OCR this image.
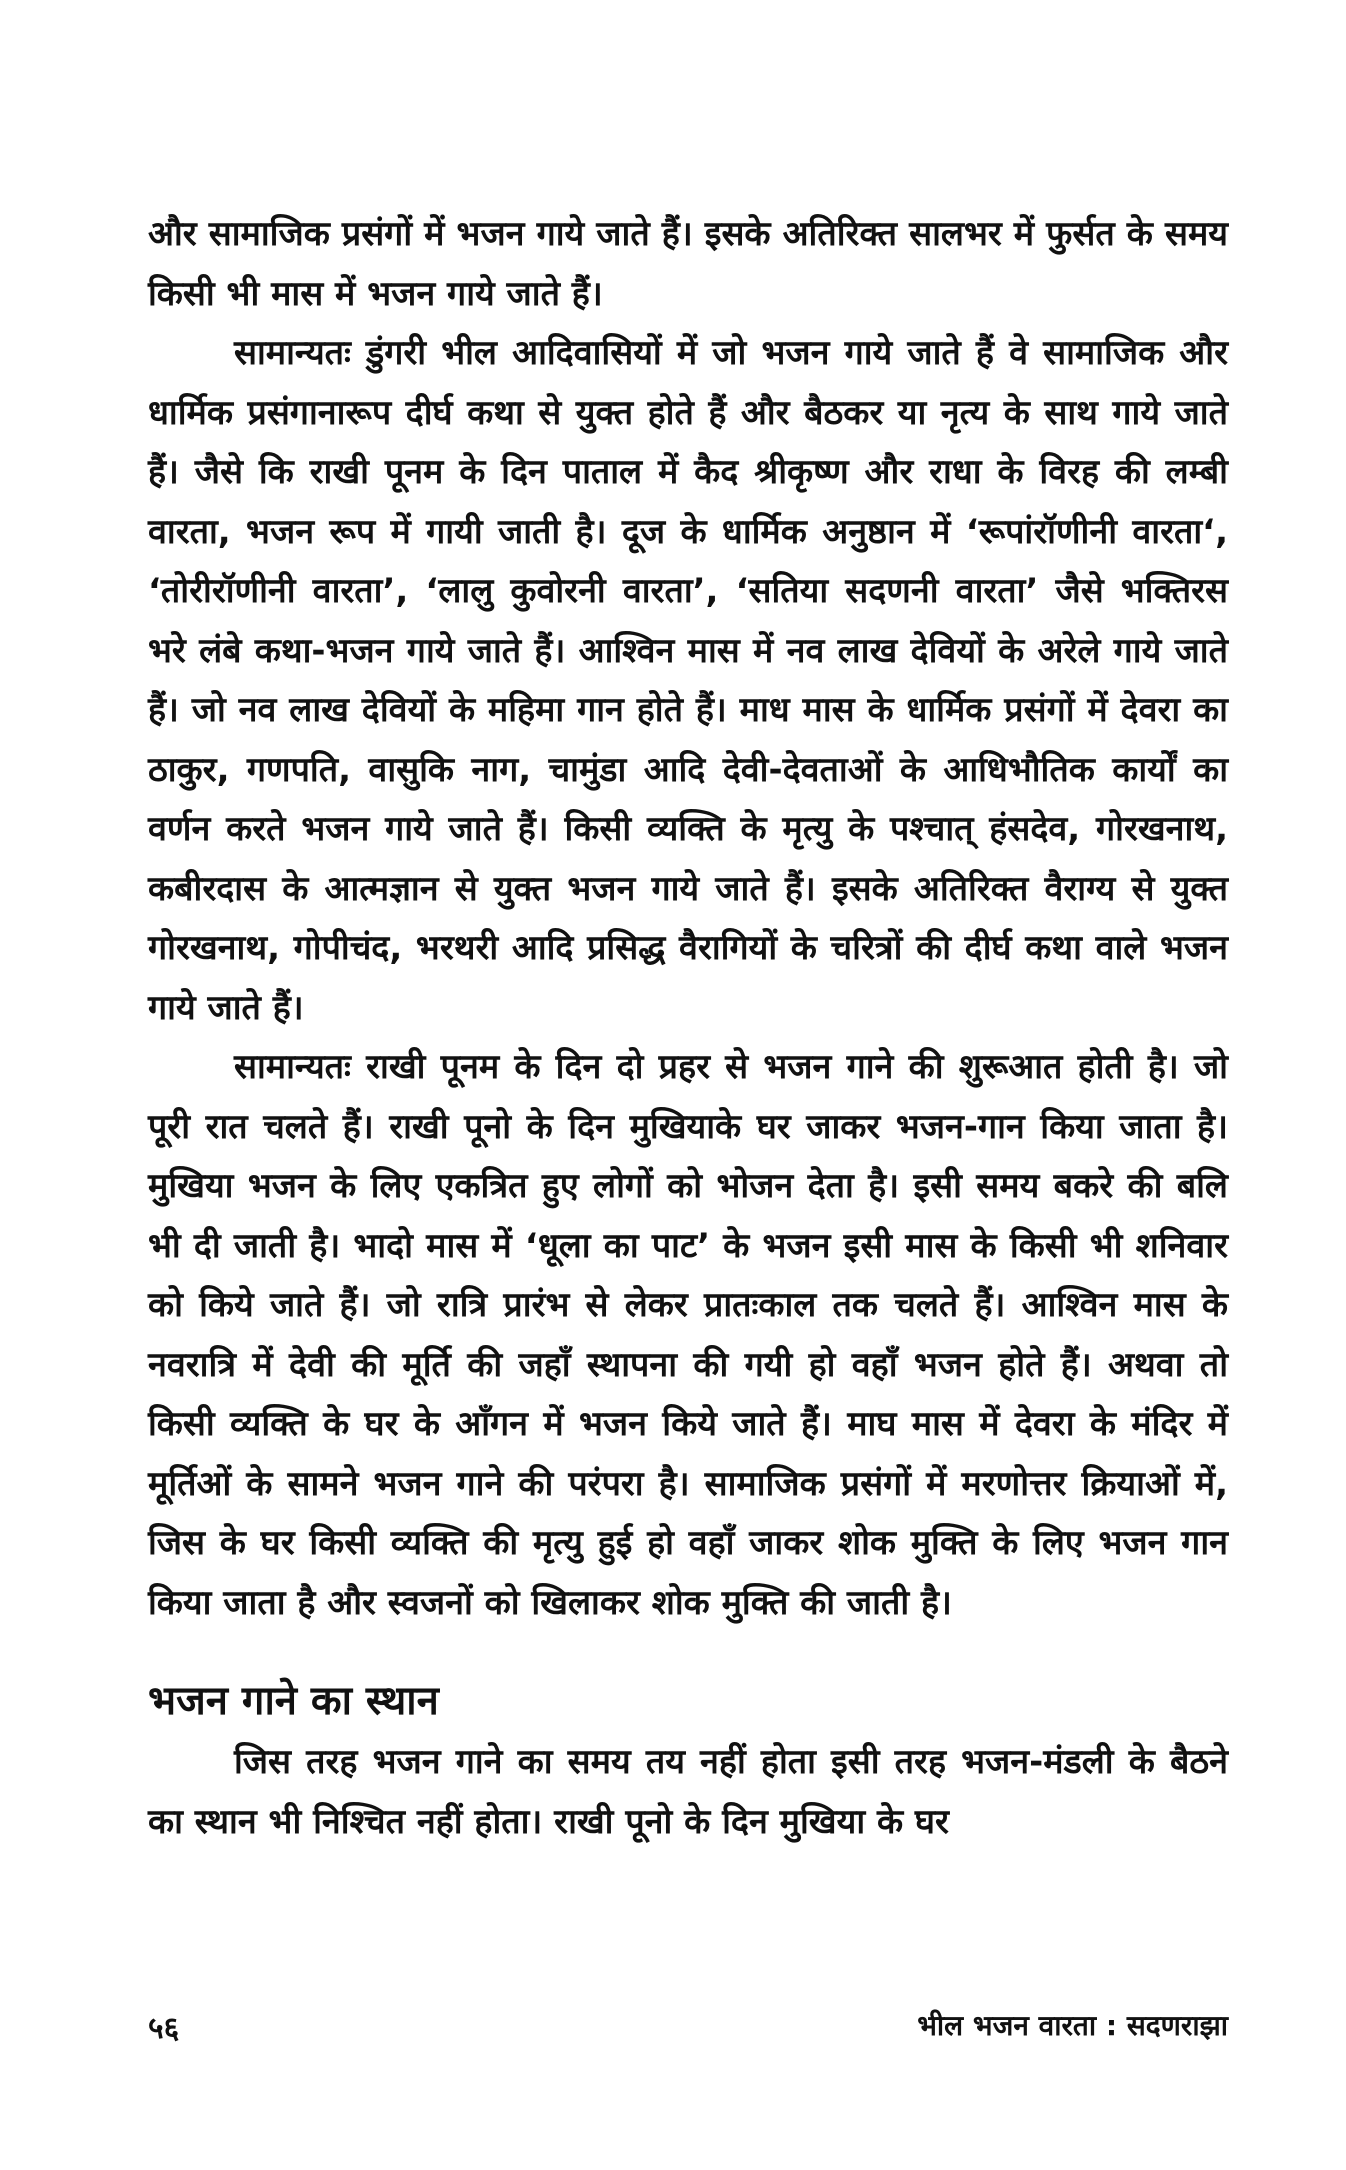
और सामाजिक प्रसंगों में भजन गाये जाते हैं। इसके अतिरिक्त सालभर में फुर्सत के समय किसी भी मास में भजन गाये जाते हैं।

सामान्यतः डुंगरी भील आदिवासियों में जो भजन गाये जाते हैं वे सामाजिक और धार्मिक प्रसंगानारूप दीर्घ कथा से युक्त होते हैं और बैठकर या नृत्य के साथ गाये जाते हैं। जैसे कि राखी पूनम के दिन पाताल में कैद श्रीकृष्ण और राधा के विरह की लम्बी वारता, भजन रूप में गायी जाती है। दूज के धार्मिक अनुष्ठान में ‘रूपांरॉणीनी वारता‘, ‘तोरीरॉणीनी वारता’, ‘लालु कुवोरनी वारता’, ‘सतिया सदणनी वारता’ जैसे भक्तिरस भरे लंबे कथा-भजन गाये जाते हैं। आश्विन मास में नव लाख देवियों के अरेले गाये जाते हैं। जो नव लाख देवियों के महिमा गान होते हैं। माध मास के धार्मिक प्रसंगों में देवरा का ठाकुर, गणपति, वासुकि नाग, चामुंडा आदि देवी-देवताओं के आधिभौतिक कार्यों का वर्णन करते भजन गाये जाते हैं। किसी व्यक्ति के मृत्यु के पश्चात् हंसदेव, गोरखनाथ, कबीरदास के आत्मज्ञान से युक्त भजन गाये जाते हैं। इसके अतिरिक्त वैराग्य से युक्त गोरखनाथ, गोपीचंद, भरथरी आदि प्रसिद्ध वैरागियों के चरित्रों की दीर्घ कथा वाले भजन गाये जाते हैं।

सामान्यतः राखी पूनम के दिन दो प्रहर से भजन गाने की शुरूआत होती है। जो पूरी रात चलते हैं। राखी पूनो के दिन मुखियाके घर जाकर भजन-गान किया जाता है। मुखिया भजन के लिए एकत्रित हुए लोगों को भोजन देता है। इसी समय बकरे की बलि भी दी जाती है। भादो मास में ‘धूला का पाट’ के भजन इसी मास के किसी भी शनिवार को किये जाते हैं। जो रात्रि प्रारंभ से लेकर प्रातःकाल तक चलते हैं। आश्विन मास के नवरात्रि में देवी की मूर्ति की जहाँ स्थापना की गयी हो वहाँ भजन होते हैं। अथवा तो किसी व्यक्ति के घर के आँगन में भजन किये जाते हैं। माघ मास में देवरा के मंदिर में मूर्तिओं के सामने भजन गाने की परंपरा है। सामाजिक प्रसंगों में मरणोत्तर क्रियाओं में, जिस के घर किसी व्यक्ति की मृत्यु हुई हो वहाँ जाकर शोक मुक्ति के लिए भजन गान किया जाता है और स्वजनों को खिलाकर शोक मुक्ति की जाती है।

भजन गाने का स्थान

जिस तरह भजन गाने का समय तय नहीं होता इसी तरह भजन-मंडली के बैठने का स्थान भी निश्चित नहीं होता। राखी पूनो के दिन मुखिया के घर

५६	भील भजन वारता : सदणराझा
